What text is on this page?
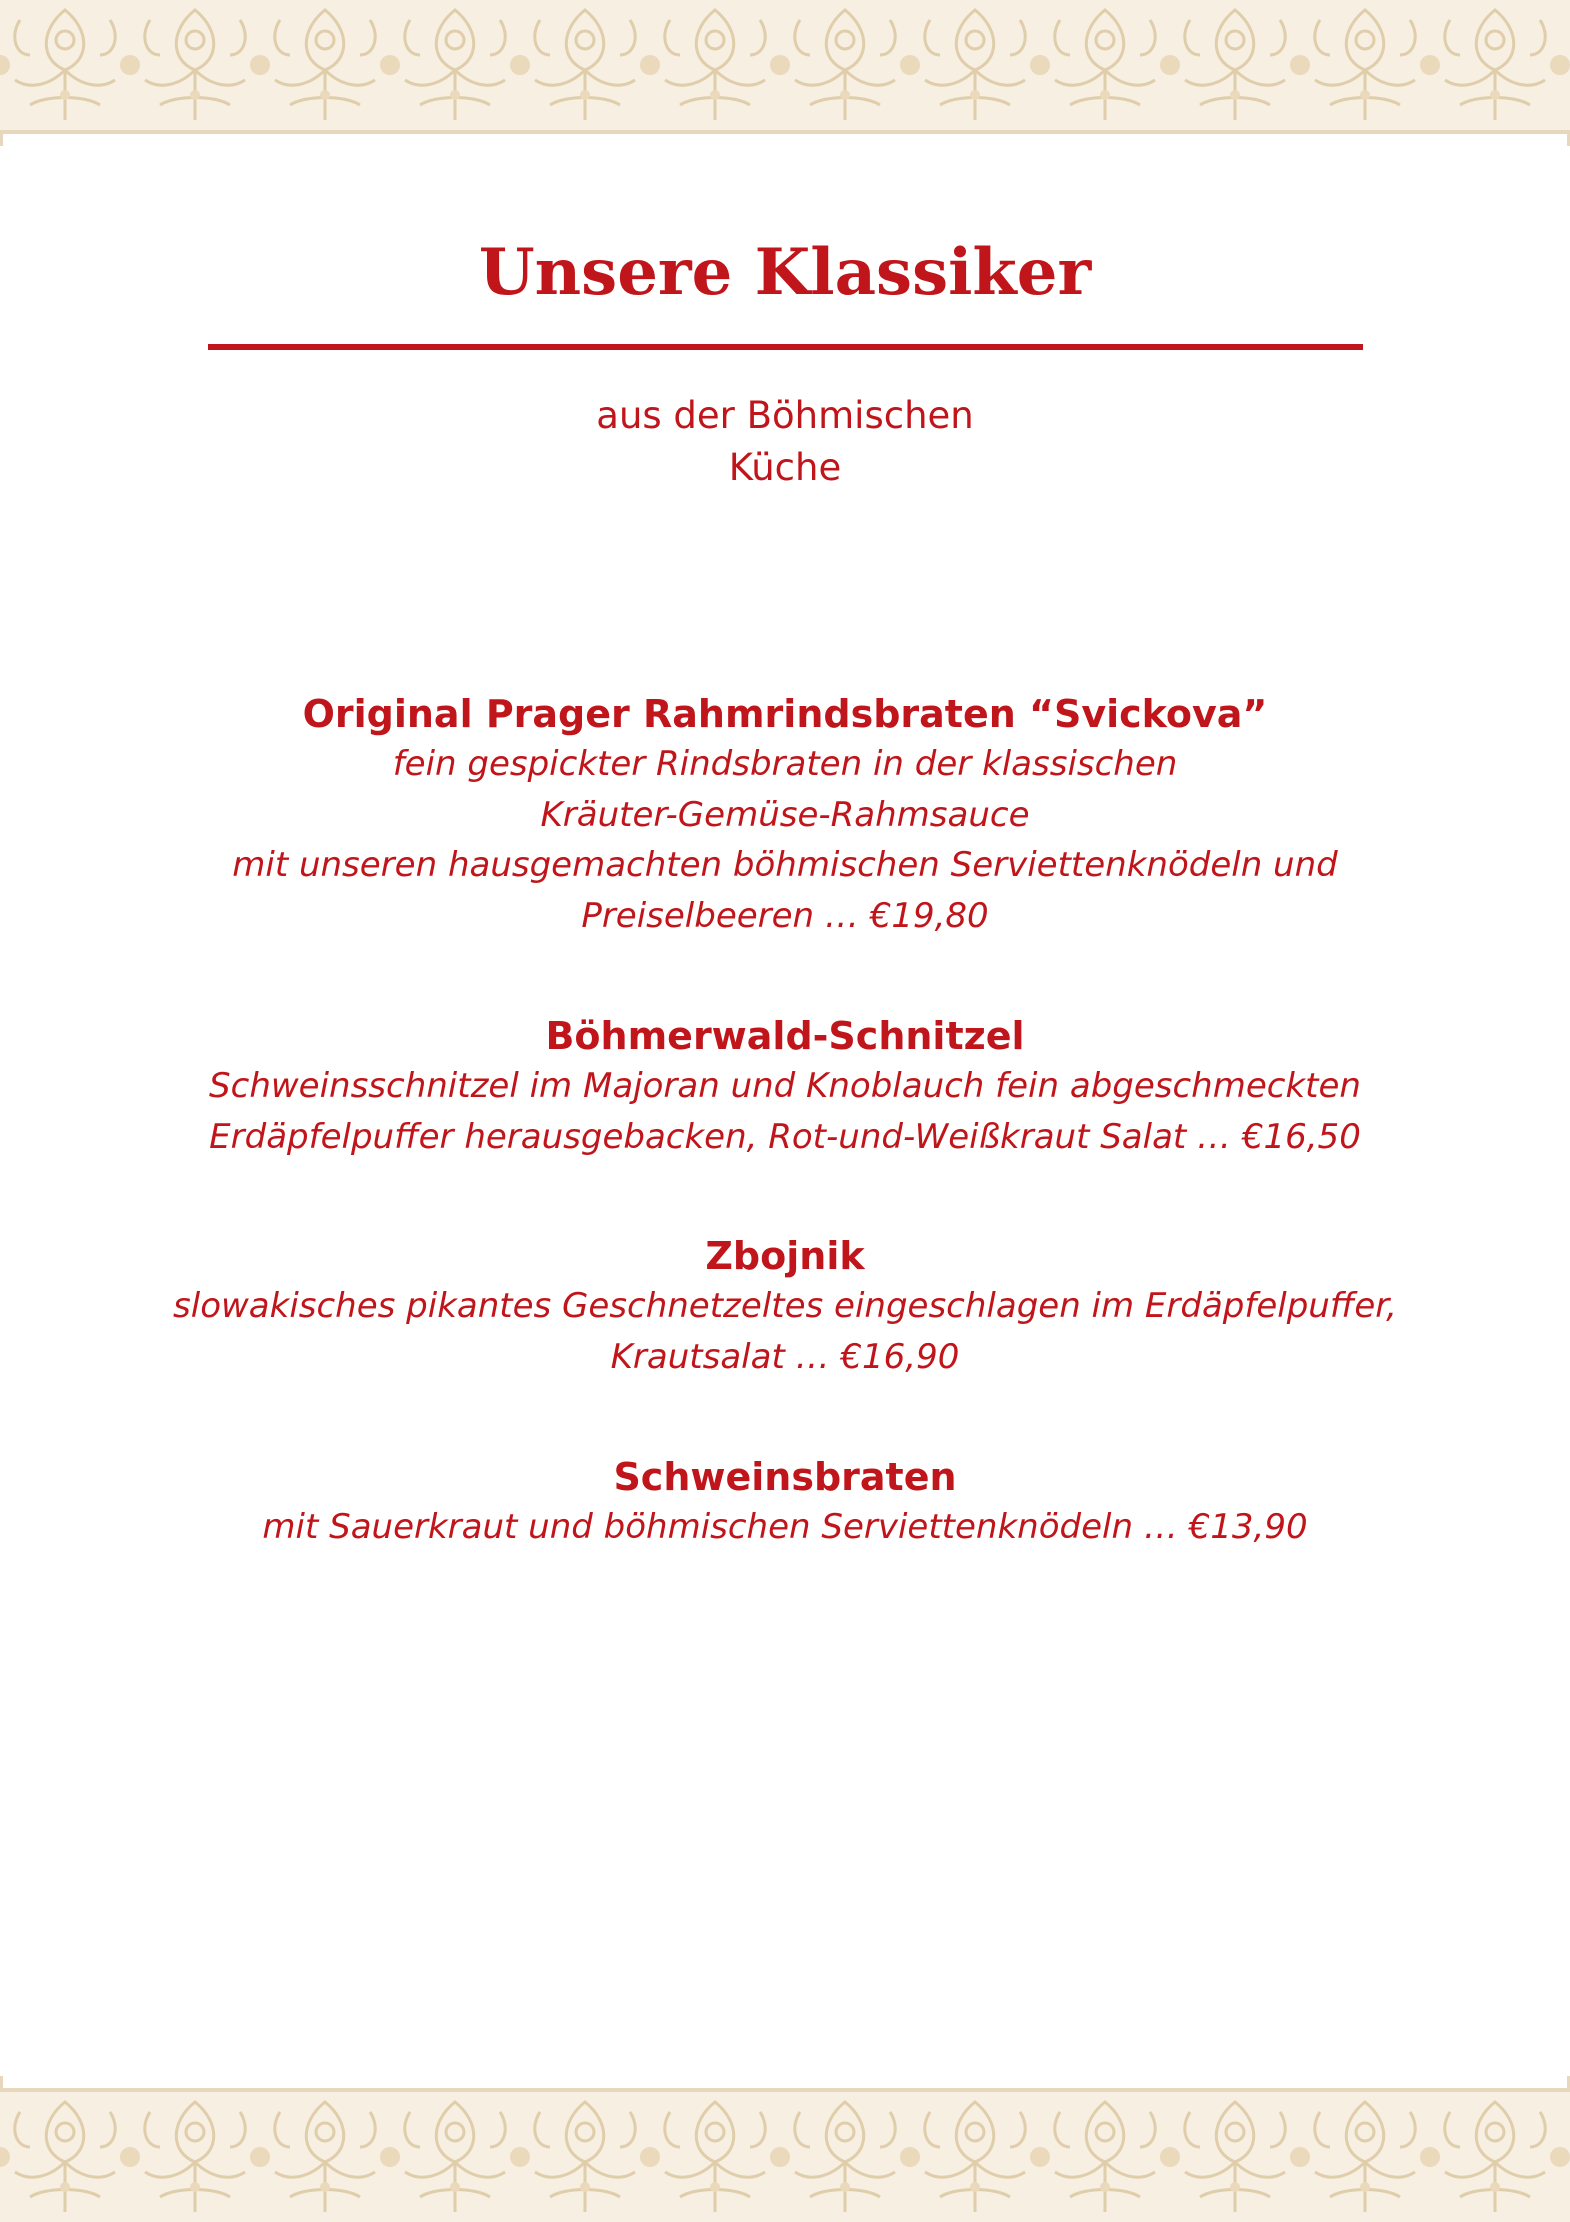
Unsere Klassiker
aus der Böhmischen
Küche
Original Prager Rahmrindsbraten “Svickova”
fein gespickter Rindsbraten in der klassischen
Kräuter-Gemüse-Rahmsauce
mit unseren hausgemachten böhmischen Serviettenknödeln und
Preiselbeeren … €19,80
Böhmerwald-Schnitzel
Schweinsschnitzel im Majoran und Knoblauch fein abgeschmeckten
Erdäpfelpuffer herausgebacken, Rot-und-Weißkraut Salat … €16,50
Zbojnik
slowakisches pikantes Geschnetzeltes eingeschlagen im Erdäpfelpuffer,
Krautsalat … €16,90
Schweinsbraten
mit Sauerkraut und böhmischen Serviettenknödeln … €13,90
